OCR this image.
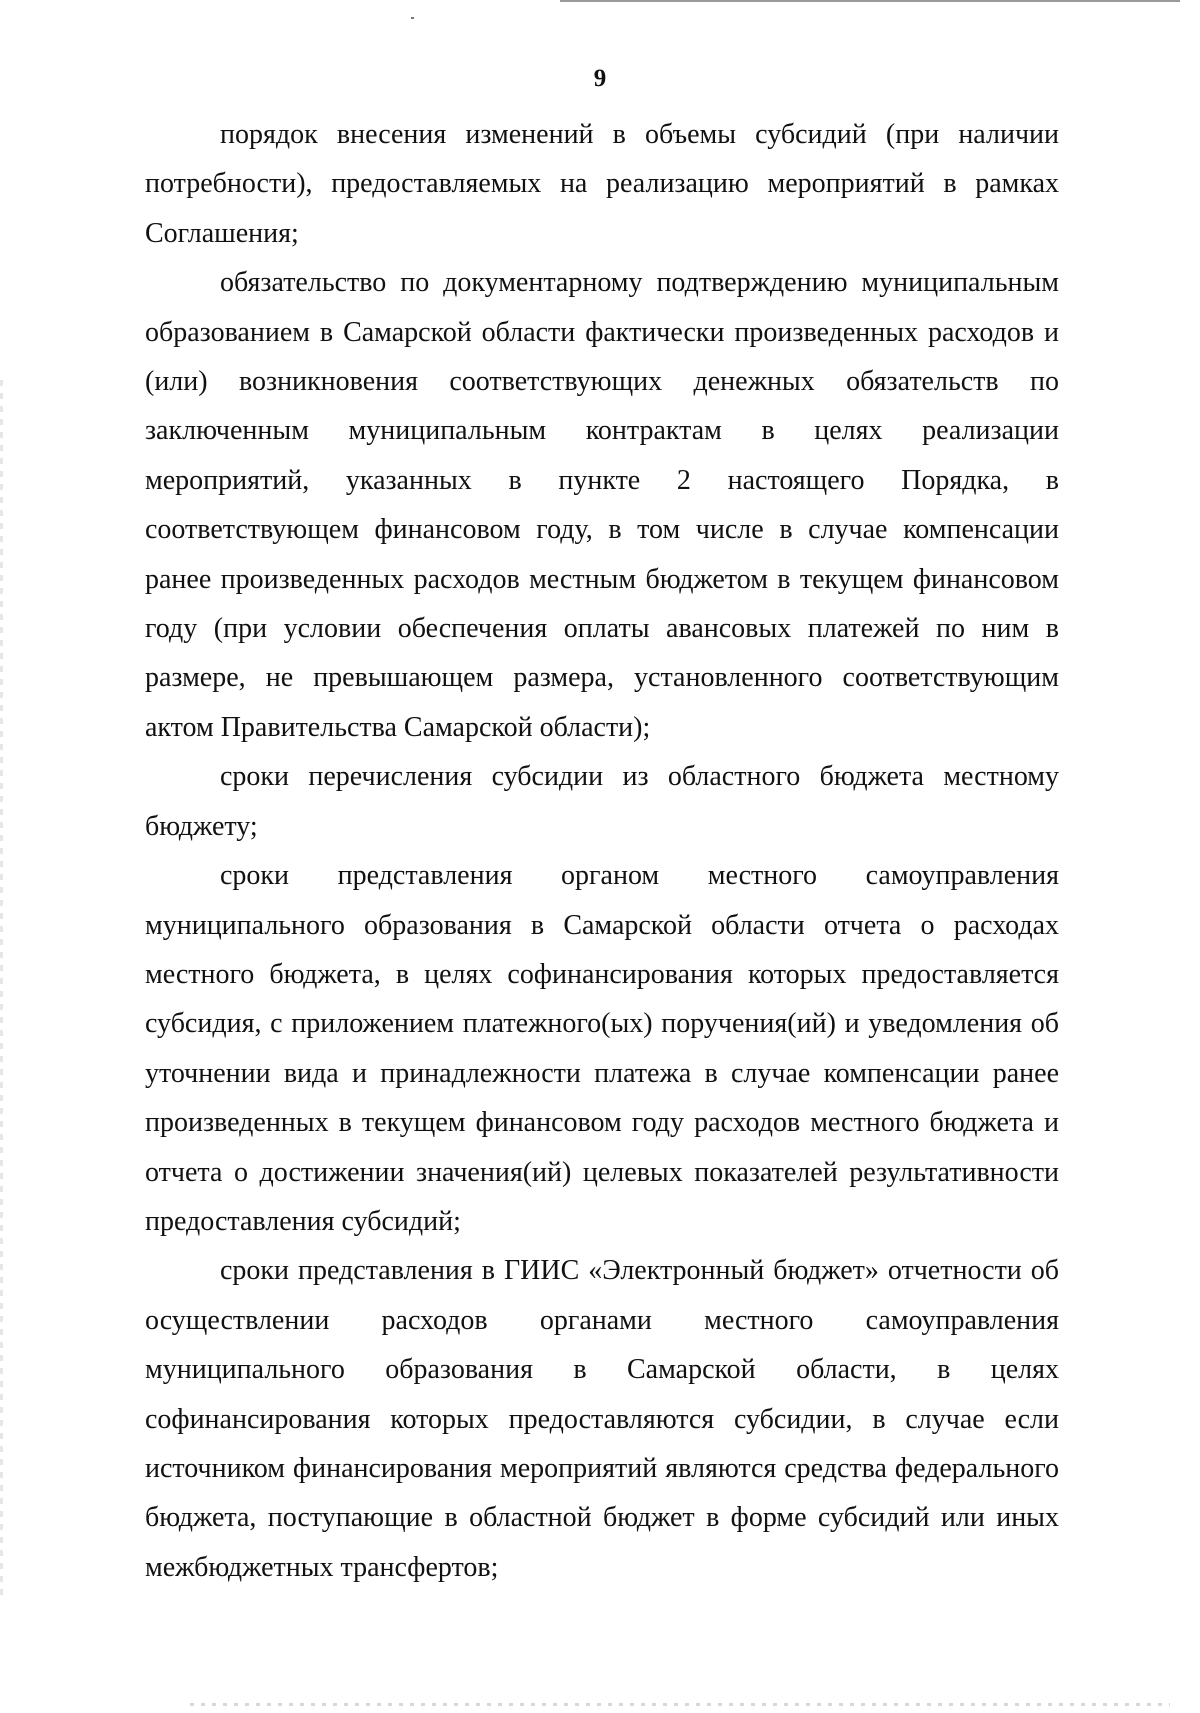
9

порядок внесения изменений в объемы субсидий (при наличии потребности), предоставляемых на реализацию мероприятий в рамках Соглашения;

обязательство по документарному подтверждению муниципальным образованием в Самарской области фактически произведенных расходов и (или) возникновения соответствующих денежных обязательств по заключенным муниципальным контрактам в целях реализации мероприятий, указанных в пункте 2 настоящего Порядка, в соответствующем финансовом году, в том числе в случае компенсации ранее произведенных расходов местным бюджетом в текущем финансовом году (при условии обеспечения оплаты авансовых платежей по ним в размере, не превышающем размера, установленного соответствующим актом Правительства Самарской области);

сроки перечисления субсидии из областного бюджета местному бюджету;

сроки представления органом местного самоуправления муниципального образования в Самарской области отчета о расходах местного бюджета, в целях софинансирования которых предоставляется субсидия, с приложением платежного(ых) поручения(ий) и уведомления об уточнении вида и принадлежности платежа в случае компенсации ранее произведенных в текущем финансовом году расходов местного бюджета и отчета о достижении значения(ий) целевых показателей результативности предоставления субсидий;

сроки представления в ГИИС «Электронный бюджет» отчетности об осуществлении расходов органами местного самоуправления муниципального образования в Самарской области, в целях софинансирования которых предоставляются субсидии, в случае если источником финансирования мероприятий являются средства федерального бюджета, поступающие в областной бюджет в форме субсидий или иных межбюджетных трансфертов;
